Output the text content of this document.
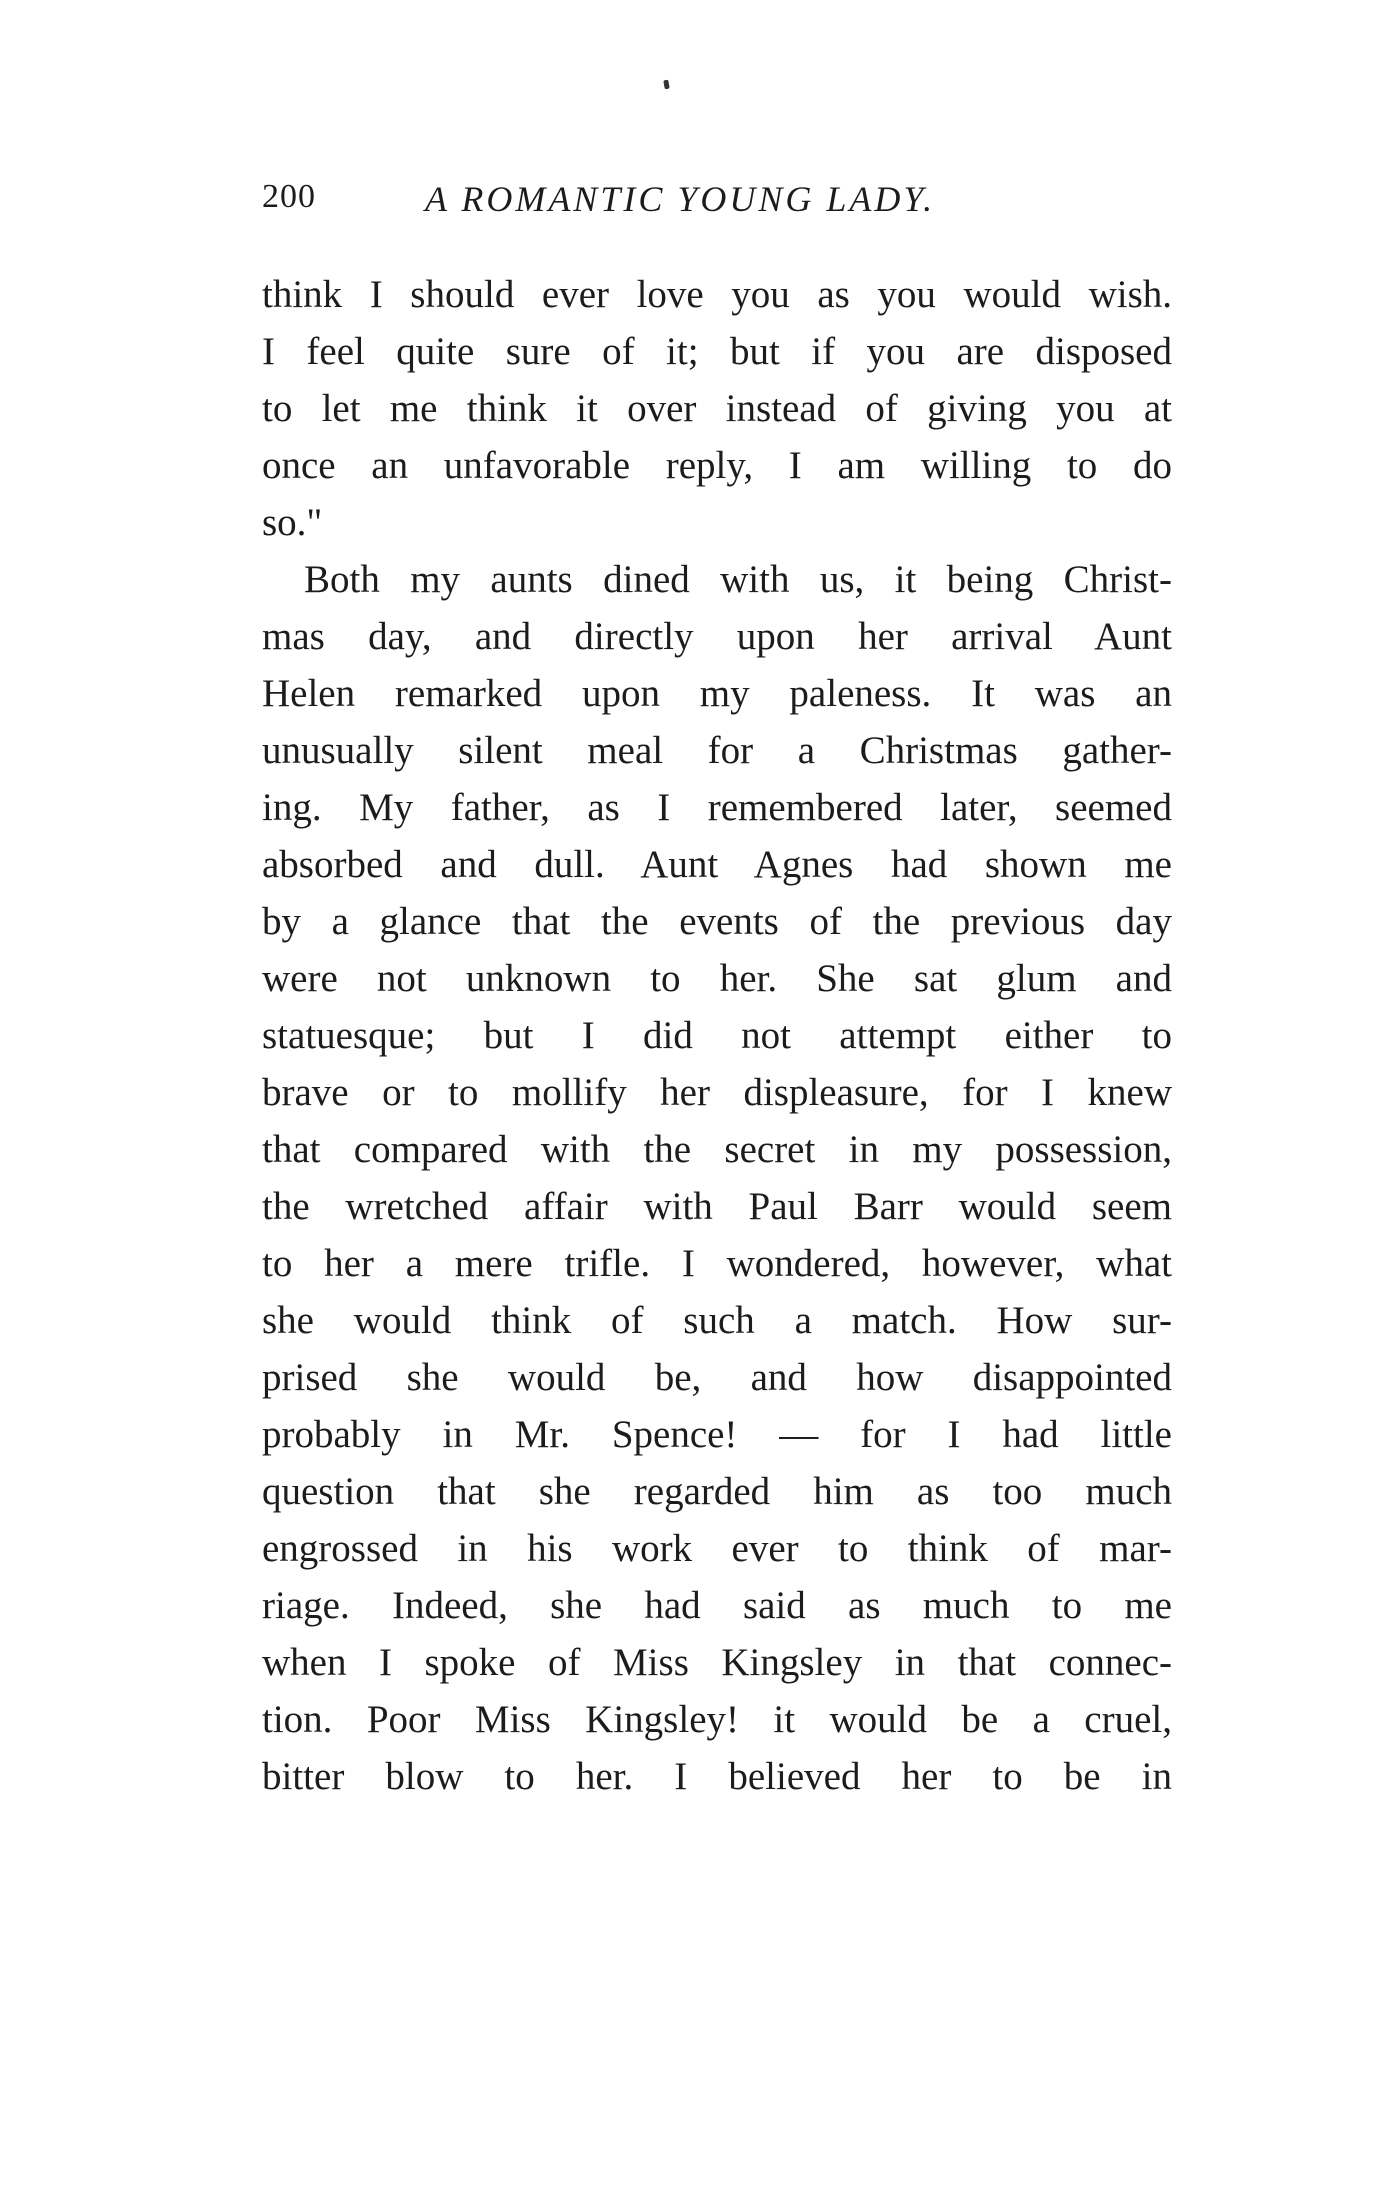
200	A ROMANTIC YOUNG LADY.
think I should ever love you as you would wish.
I feel quite sure of it; but if you are disposed
to let me think it over instead of giving you at
once an unfavorable reply, I am willing to do
so."
Both my aunts dined with us, it being Christ-
mas day, and directly upon her arrival Aunt
Helen remarked upon my paleness. It was an
unusually silent meal for a Christmas gather-
ing. My father, as I remembered later, seemed
absorbed and dull. Aunt Agnes had shown me
by a glance that the events of the previous day
were not unknown to her. She sat glum and
statuesque; but I did not attempt either to
brave or to mollify her displeasure, for I knew
that compared with the secret in my possession,
the wretched affair with Paul Barr would seem
to her a mere trifle. I wondered, however, what
she would think of such a match. How sur-
prised she would be, and how disappointed
probably in Mr. Spence! — for I had little
question that she regarded him as too much
engrossed in his work ever to think of mar-
riage. Indeed, she had said as much to me
when I spoke of Miss Kingsley in that connec-
tion. Poor Miss Kingsley! it would be a cruel,
bitter blow to her. I believed her to be in
